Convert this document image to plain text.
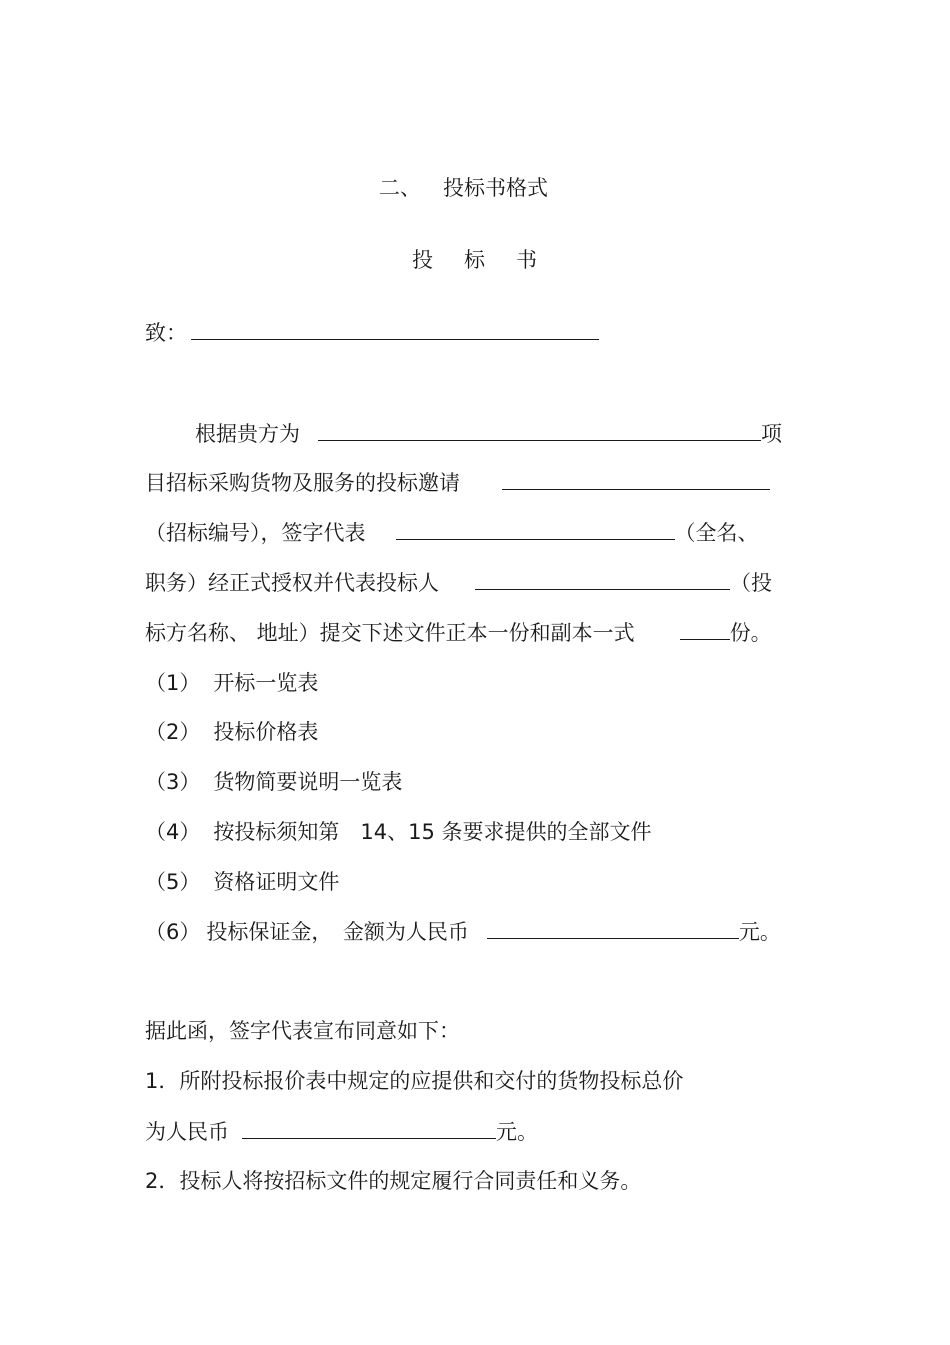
二、 投标书格式
投 标 书
致：
根据贵方为	项
目招标采购货物及服务的投标邀请
（招标编号），签字代表	（全名、
职务）经正式授权并代表投标人	（投
标方名称、 地址）提交下述文件正本一份和副本一式	份。
（1） 开标一览表
（2） 投标价格表
（3） 货物简要说明一览表
（4） 按投标须知第　14、15 条要求提供的全部文件
（5） 资格证明文件
（6） 投标保证金，　金额为人民币	元。
据此函，签字代表宣布同意如下：
1．所附投标报价表中规定的应提供和交付的货物投标总价
为人民币	元。
2．投标人将按招标文件的规定履行合同责任和义务。
